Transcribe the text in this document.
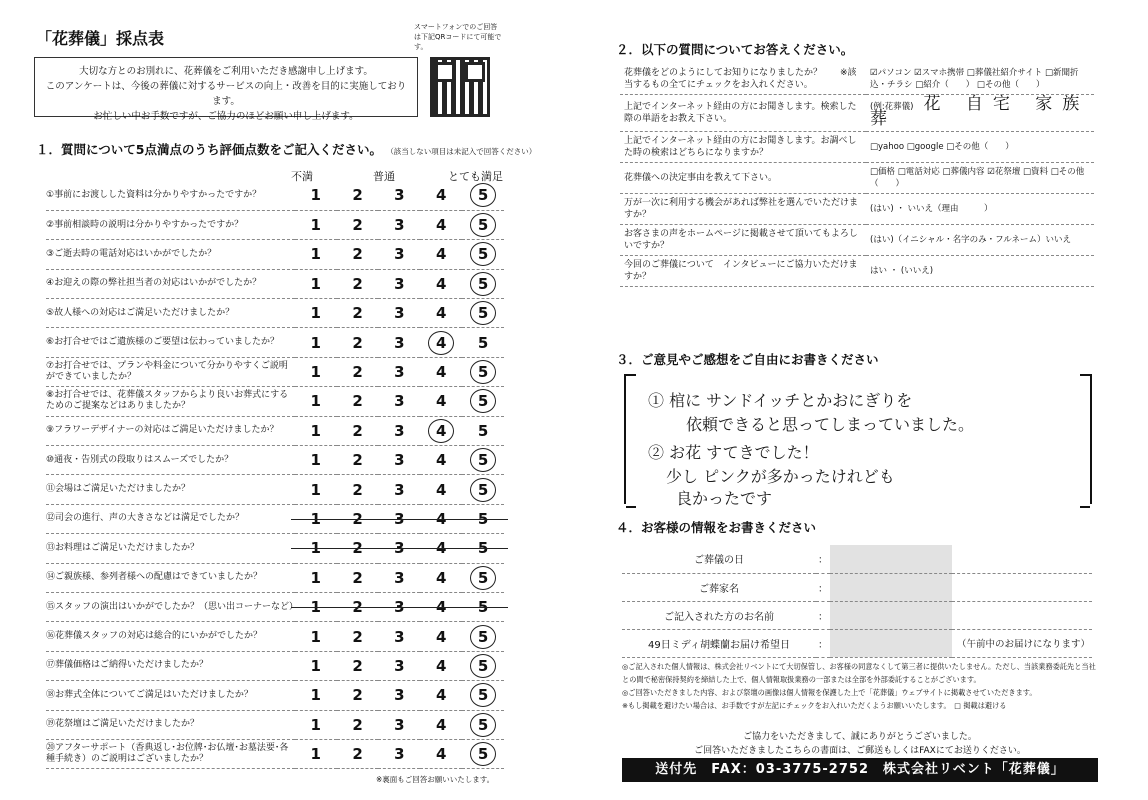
「花葬儀」採点表
スマートフォンでのご回答は下記QRコードにて可能です。
大切な方とのお別れに、花葬儀をご利用いただき感謝申し上げます。
このアンケートは、今後の葬儀に対するサービスの向上・改善を目的に実施しております。
お忙しい中お手数ですが、ご協力のほどお願い申し上げます。
１．質問について5点満点のうち評価点数をご記入ください。 （該当しない項目は未記入で回答ください）
不満	普通	とても満足
①事前にお渡しした資料は分かりやすかったですか？	1	2	3	4	5

②事前相談時の説明は分かりやすかったですか？	1	2	3	4	5

③ご逝去時の電話対応はいかがでしたか？	1	2	3	4	5

④お迎えの際の弊社担当者の対応はいかがでしたか？	1	2	3	4	5

⑤故人様への対応はご満足いただけましたか？	1	2	3	4	5

⑥お打合せではご遺族様のご要望は伝わっていましたか？	1	2	3	4	5
⑦お打合せでは、プランや料金について分かりやすくご説明ができていましたか？	1	2	3	4	5

⑧お打合せでは、花葬儀スタッフからより良いお葬式にするためのご提案などはありましたか？	1	2	3	4	5

⑨フラワーデザイナーの対応はご満足いただけましたか？	1	2	3	4	5
⑩通夜・告別式の段取りはスムーズでしたか？	1	2	3	4	5

⑪会場はご満足いただけましたか？	1	2	3	4	5

⑫司会の進行、声の大きさなどは満足でしたか？	1	2	3	4	5
⑬お料理はご満足いただけましたか？	1	2	3	4	5
⑭ご親族様、参列者様への配慮はできていましたか？	1	2	3	4	5

⑮スタッフの演出はいかがでしたか？（思い出コーナーなど）	1	2	3	4	5
⑯花葬儀スタッフの対応は総合的にいかがでしたか？	1	2	3	4	5

⑰葬儀価格はご納得いただけましたか？	1	2	3	4	5

⑱お葬式全体についてご満足はいただけましたか？	1	2	3	4	5

⑲花祭壇はご満足いただけましたか？	1	2	3	4	5

⑳アフターサポート（香典返し･お位牌･お仏壇･お墓法要･各種手続き）のご説明はございましたか？	1	2	3	4	5
※裏面もご回答お願いいたします。
２．以下の質問についてお答えください。
花葬儀をどのようにしてお知りになりましたか？　　※該当するもの全てにチェックをお入れください。	☑パソコン ☑スマホ携帯 □葬儀社紹介サイト □新聞折込・チラシ □紹介（　　） □その他（　　）
上記でインターネット経由の方にお聞きします。検索した際の単語をお教え下さい。	(例:花葬儀) 花 自宅 家族葬
上記でインターネット経由の方にお聞きします。お調べした時の検索はどちらになりますか？	□yahoo □google □その他（　　）
花葬儀への決定事由を教えて下さい。	□価格 □電話対応 □葬儀内容 ☑花祭壇 □資料 □その他（　　）
万が一次に利用する機会があれば弊社を選んでいただけますか？	(はい) ・ いいえ（理由　　　）
お客さまの声をホームページに掲載させて頂いてもよろしいですか？	(はい)（イニシャル・名字のみ・フルネーム）いいえ
今回のご葬儀について　インタビューにご協力いただけますか？	はい ・ (いいえ)
３．ご意見やご感想をご自由にお書きください
① 棺に サンドイッチとかおにぎりを
依頼できると思ってしまっていました。
② お花 すてきでした！
少し ピンクが多かったけれども
良かったです
４．お客様の情報をお書きください
ご葬儀の日	：		
ご葬家名	：		
ご記入された方のお名前	：		
49日ミディ胡蝶蘭お届け希望日	：		（午前中のお届けになります）
◎ご記入された個人情報は、株式会社リベントにて大切保管し、お客様の同意なくして第三者に提供いたしません。ただし、当該業務委託先と当社との間で秘密保持契約を締結した上で、個人情報取扱業務の一部または全部を外部委託することがございます。
◎ご回答いただきました内容、および祭壇の画像は個人情報を保護した上で「花葬儀」ウェブサイトに掲載させていただきます。
※もし掲載を避けたい場合は、お手数ですが左記にチェックをお入れいただくようお願いいたします。　□ 掲載は避ける
ご協力をいただきまして、誠にありがとうございました。
ご回答いただきましたこちらの書面は、ご郵送もしくはFAXにてお送りください。
送付先　FAX：03-3775-2752　株式会社リベント「花葬儀」
